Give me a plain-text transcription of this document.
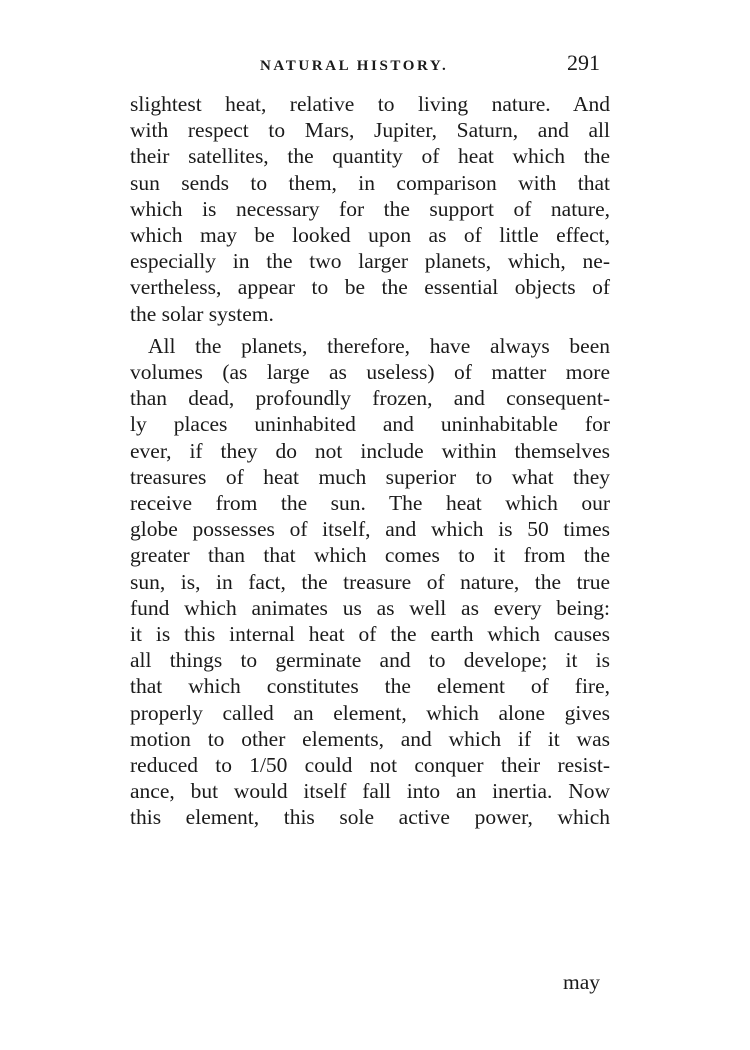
NATURAL HISTORY.	291
slightest heat, relative to living nature. And
with respect to Mars, Jupiter, Saturn, and all
their satellites, the quantity of heat which the
sun sends to them, in comparison with that
which is necessary for the support of nature,
which may be looked upon as of little effect,
especially in the two larger planets, which, ne-
vertheless, appear to be the essential objects of
the solar system.
All the planets, therefore, have always been
volumes (as large as useless) of matter more
than dead, profoundly frozen, and consequent-
ly places uninhabited and uninhabitable for
ever, if they do not include within themselves
treasures of heat much superior to what they
receive from the sun. The heat which our
globe possesses of itself, and which is 50 times
greater than that which comes to it from the
sun, is, in fact, the treasure of nature, the true
fund which animates us as well as every being:
it is this internal heat of the earth which causes
all things to germinate and to develope; it is
that which constitutes the element of fire,
properly called an element, which alone gives
motion to other elements, and which if it was
reduced to 1/50 could not conquer their resist-
ance, but would itself fall into an inertia. Now
this element, this sole active power, which
may
